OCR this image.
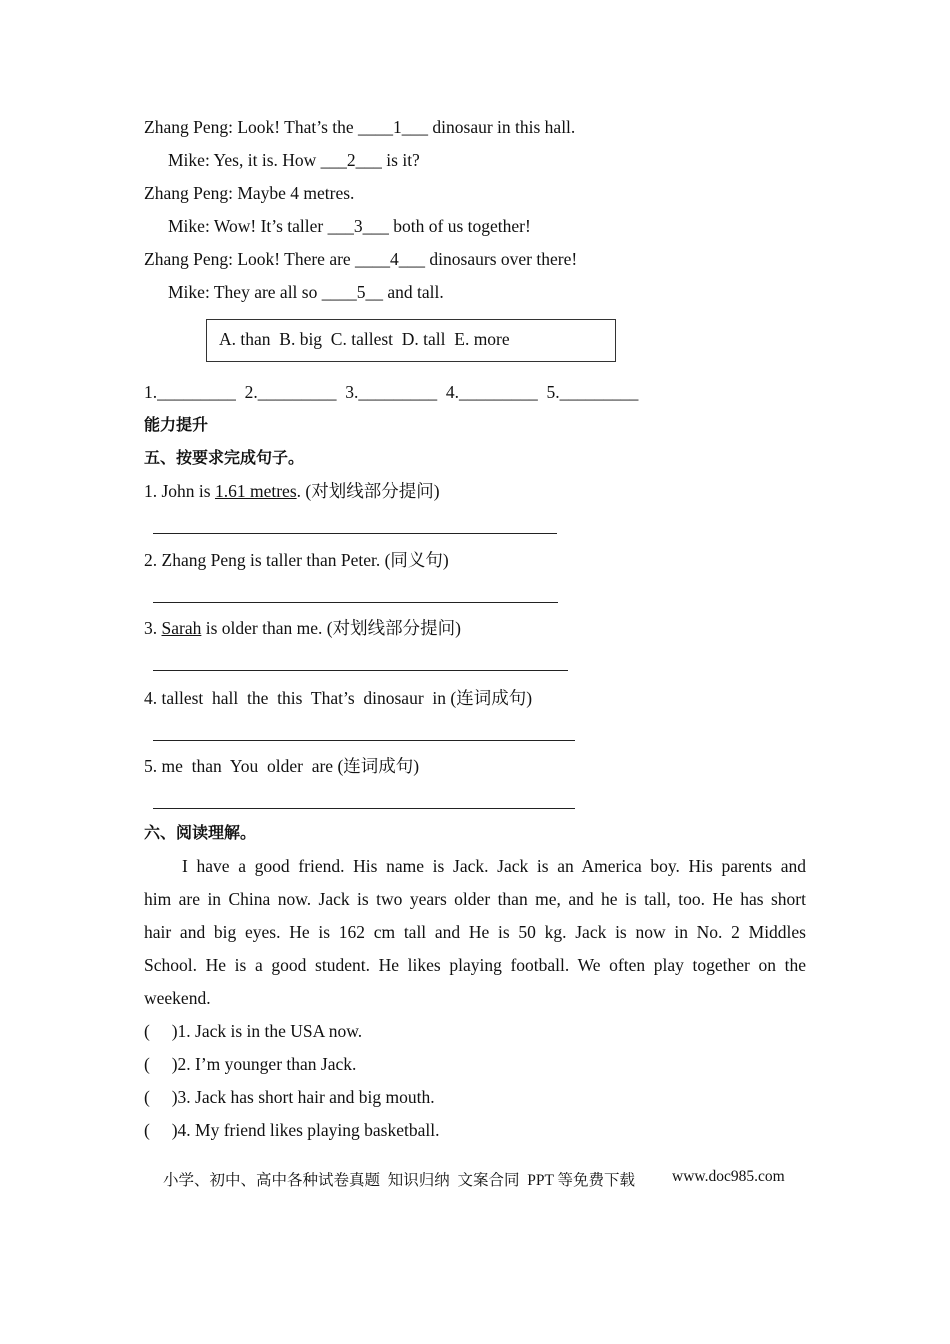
Zhang Peng: Look! That’s the ____1___ dinosaur in this hall.
Mike: Yes, it is. How ___2___ is it?
Zhang Peng: Maybe 4 metres.
Mike: Wow! It’s taller ___3___ both of us together!
Zhang Peng: Look! There are ____4___ dinosaurs over there!
Mike: They are all so ____5__ and tall.
A. than  B. big  C. tallest  D. tall  E. more
1._________  2._________  3._________  4._________  5._________
能力提升
五、按要求完成句子。
1. John is 1.61 metres. (对划线部分提问)
2. Zhang Peng is taller than Peter. (同义句)
3. Sarah is older than me. (对划线部分提问)
4. tallest  hall  the  this  That’s  dinosaur  in (连词成句)
5. me  than  You  older  are (连词成句)
六、阅读理解。
I have a good friend. His name is Jack. Jack is an America boy. His parents and
him are in China now. Jack is two years older than me, and he is tall, too. He has short
hair and big eyes. He is 162 cm tall and He is 50 kg. Jack is now in No. 2 Middles
School. He is a good student. He likes playing football. We often play together on the
weekend.
(     )1. Jack is in the USA now.
(     )2. I’m younger than Jack.
(     )3. Jack has short hair and big mouth.
(     )4. My friend likes playing basketball.
小学、初中、高中各种试卷真题  知识归纳  文案合同  PPT 等免费下载 www.doc985.com
